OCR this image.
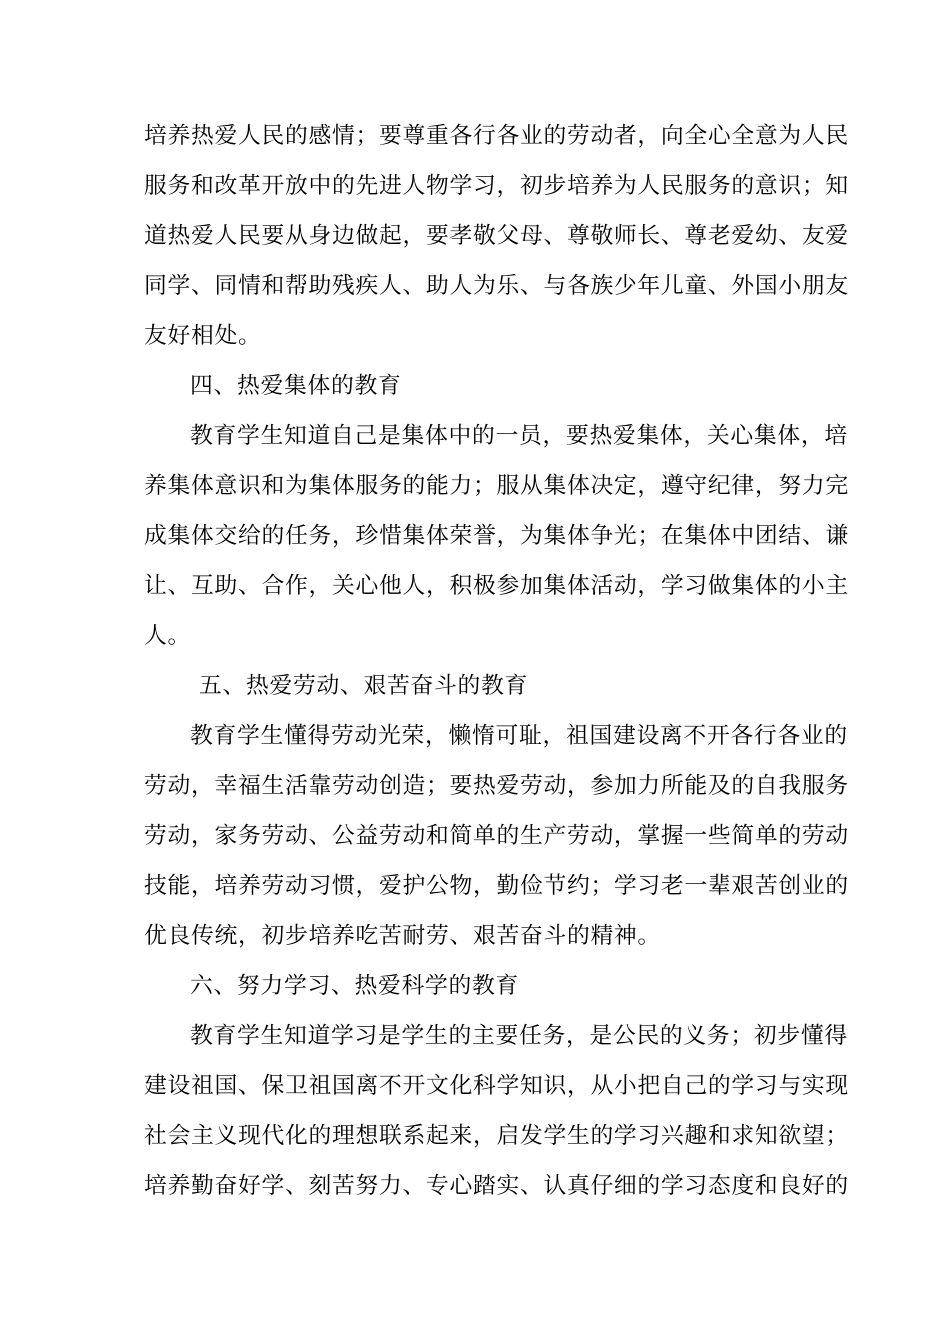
培养热爱人民的感情；要尊重各行各业的劳动者，向全心全意为人民
服务和改革开放中的先进人物学习，初步培养为人民服务的意识；知
道热爱人民要从身边做起，要孝敬父母、尊敬师长、尊老爱幼、友爱
同学、同情和帮助残疾人、助人为乐、与各族少年儿童、外国小朋友
友好相处。
四、热爱集体的教育
教育学生知道自己是集体中的一员，要热爱集体，关心集体，培
养集体意识和为集体服务的能力；服从集体决定，遵守纪律，努力完
成集体交给的任务，珍惜集体荣誉，为集体争光；在集体中团结、谦
让、互助、合作，关心他人，积极参加集体活动，学习做集体的小主
人。
五、热爱劳动、艰苦奋斗的教育
教育学生懂得劳动光荣，懒惰可耻，祖国建设离不开各行各业的
劳动，幸福生活靠劳动创造；要热爱劳动，参加力所能及的自我服务
劳动，家务劳动、公益劳动和简单的生产劳动，掌握一些简单的劳动
技能，培养劳动习惯，爱护公物，勤俭节约；学习老一辈艰苦创业的
优良传统，初步培养吃苦耐劳、艰苦奋斗的精神。
六、努力学习、热爱科学的教育
教育学生知道学习是学生的主要任务，是公民的义务；初步懂得
建设祖国、保卫祖国离不开文化科学知识，从小把自己的学习与实现
社会主义现代化的理想联系起来，启发学生的学习兴趣和求知欲望；
培养勤奋好学、刻苦努力、专心踏实、认真仔细的学习态度和良好的
